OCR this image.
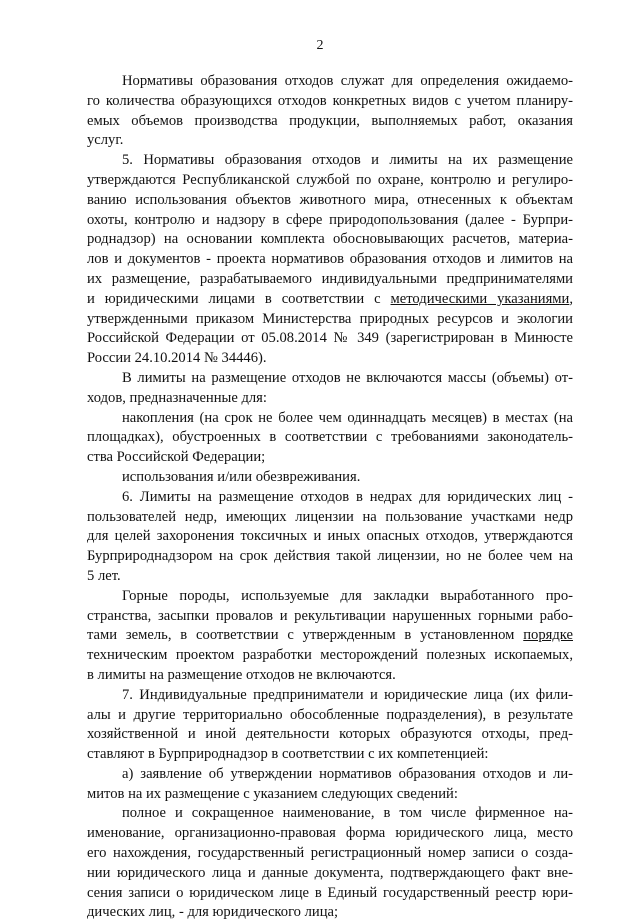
2
Нормативы образования отходов служат для определения ожидаемо-
го количества образующихся отходов конкретных видов с учетом планиру-
емых объемов производства продукции, выполняемых работ, оказания
услуг.
5. Нормативы образования отходов и лимиты на их размещение
утверждаются Республиканской службой по охране, контролю и регулиро-
ванию использования объектов животного мира, отнесенных к объектам
охоты, контролю и надзору в сфере природопользования (далее - Бурпри-
роднадзор) на основании комплекта обосновывающих расчетов, материа-
лов и документов - проекта нормативов образования отходов и лимитов на
их размещение, разрабатываемого индивидуальными предпринимателями
и юридическими лицами в соответствии с методическими указаниями,
утвержденными приказом Министерства природных ресурсов и экологии
Российской Федерации от 05.08.2014 № 349 (зарегистрирован в Минюсте
России 24.10.2014 № 34446).
В лимиты на размещение отходов не включаются массы (объемы) от-
ходов, предназначенные для:
накопления (на срок не более чем одиннадцать месяцев) в местах (на
площадках), обустроенных в соответствии с требованиями законодатель-
ства Российской Федерации;
использования и/или обезвреживания.
6. Лимиты на размещение отходов в недрах для юридических лиц -
пользователей недр, имеющих лицензии на пользование участками недр
для целей захоронения токсичных и иных опасных отходов, утверждаются
Бурприроднадзором на срок действия такой лицензии, но не более чем на
5 лет.
Горные породы, используемые для закладки выработанного про-
странства, засыпки провалов и рекультивации нарушенных горными рабо-
тами земель, в соответствии с утвержденным в установленном порядке
техническим проектом разработки месторождений полезных ископаемых,
в лимиты на размещение отходов не включаются.
7. Индивидуальные предприниматели и юридические лица (их фили-
алы и другие территориально обособленные подразделения), в результате
хозяйственной и иной деятельности которых образуются отходы, пред-
ставляют в Бурприроднадзор в соответствии с их компетенцией:
а) заявление об утверждении нормативов образования отходов и ли-
митов на их размещение с указанием следующих сведений:
полное и сокращенное наименование, в том числе фирменное на-
именование, организационно-правовая форма юридического лица, место
его нахождения, государственный регистрационный номер записи о созда-
нии юридического лица и данные документа, подтверждающего факт вне-
сения записи о юридическом лице в Единый государственный реестр юри-
дических лиц, - для юридического лица;
